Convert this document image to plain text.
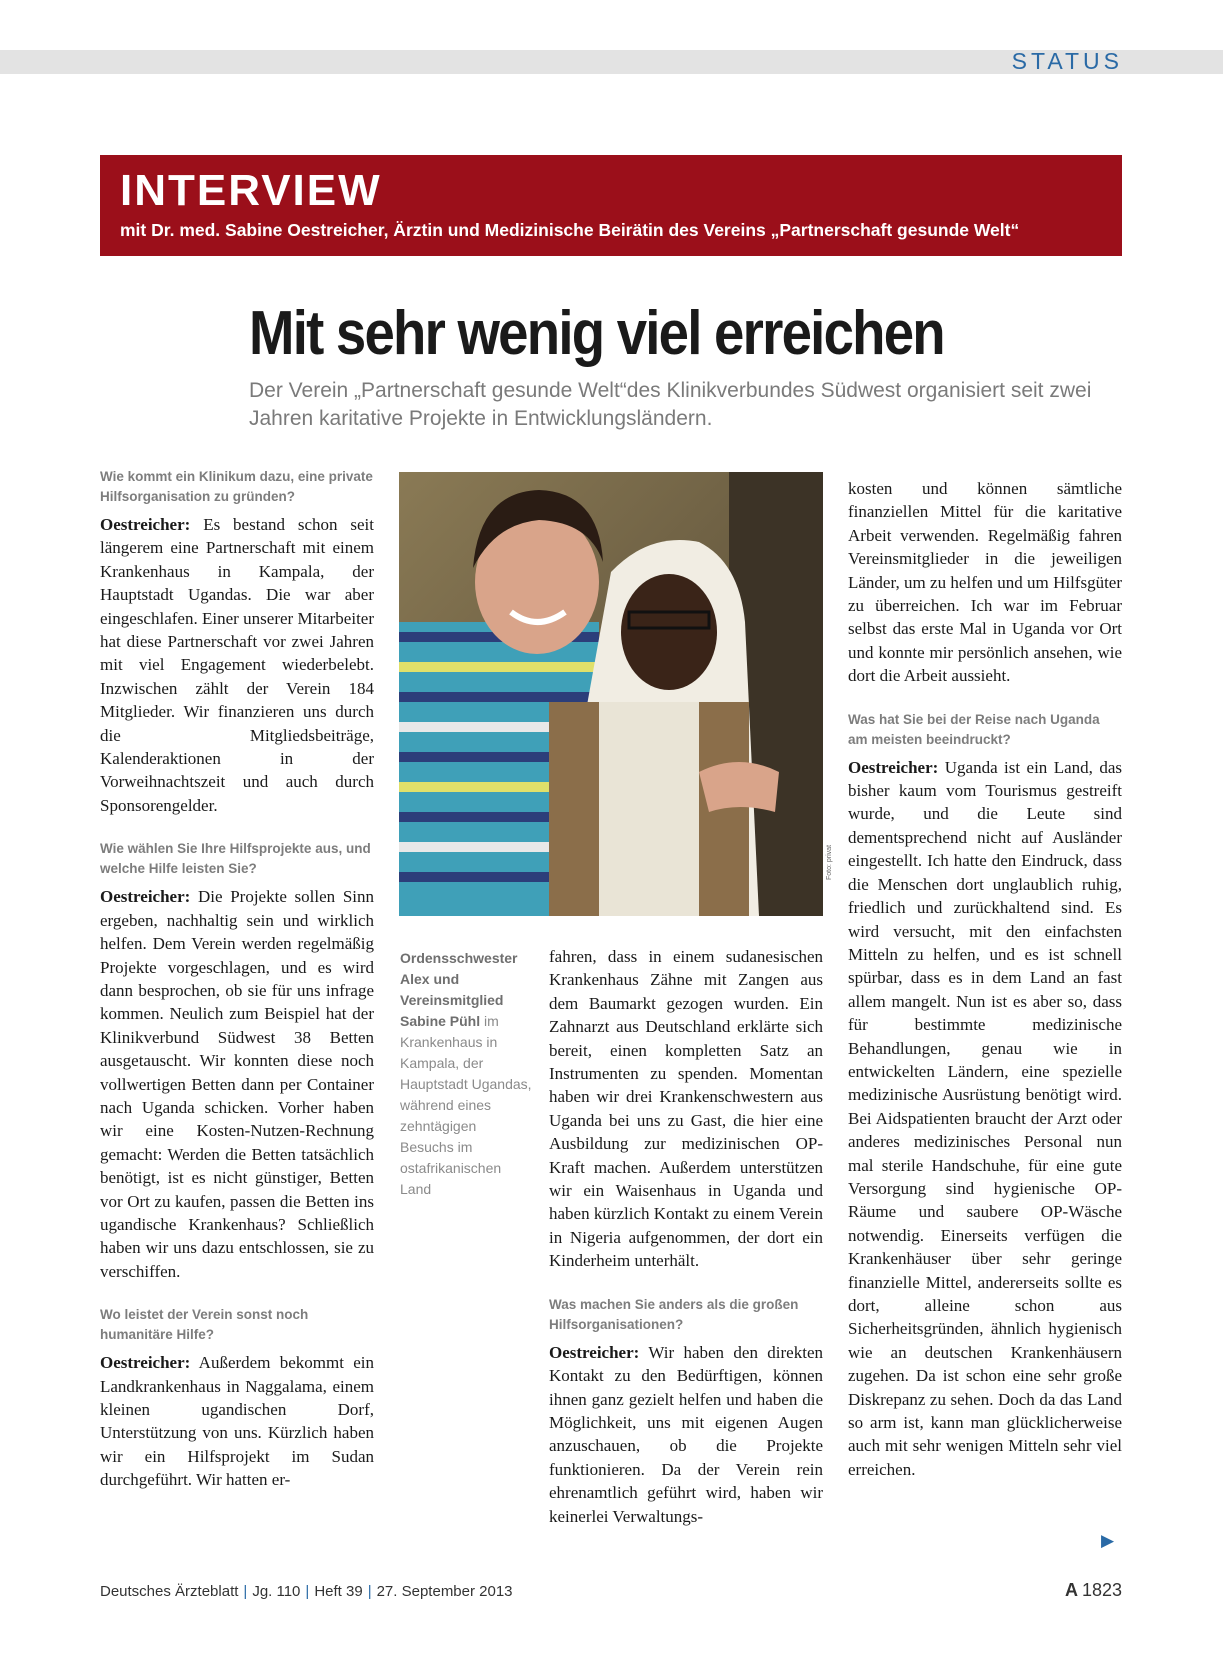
STATUS
INTERVIEW
mit Dr. med. Sabine Oestreicher, Ärztin und Medizinische Beirätin des Vereins „Partnerschaft gesunde Welt“
Mit sehr wenig viel erreichen
Der Verein „Partnerschaft gesunde Welt“des Klinikverbundes Südwest organisiert seit zwei Jahren karitative Projekte in Entwicklungsländern.
Wie kommt ein Klinikum dazu, eine private Hilfsorganisation zu gründen?

Oestreicher: Es bestand schon seit längerem eine Partnerschaft mit einem Krankenhaus in Kampala, der Hauptstadt Ugandas. Die war aber eingeschlafen. Einer unserer Mitarbeiter hat diese Partnerschaft vor zwei Jahren mit viel Engagement wiederbelebt. Inzwischen zählt der Verein 184 Mitglieder. Wir finanzieren uns durch die Mitgliedsbeiträge, Kalenderaktionen in der Vorweihnachtszeit und auch durch Sponsorengelder.

Wie wählen Sie Ihre Hilfsprojekte aus, und welche Hilfe leisten Sie?

Oestreicher: Die Projekte sollen Sinn ergeben, nachhaltig sein und wirklich helfen. Dem Verein werden regelmäßig Projekte vorgeschlagen, und es wird dann besprochen, ob sie für uns infrage kommen. Neulich zum Beispiel hat der Klinikverbund Südwest 38 Betten ausgetauscht. Wir konnten diese noch vollwertigen Betten dann per Container nach Uganda schicken. Vorher haben wir eine Kosten-Nutzen-Rechnung gemacht: Werden die Betten tatsächlich benötigt, ist es nicht günstiger, Betten vor Ort zu kaufen, passen die Betten ins ugandische Krankenhaus? Schließlich haben wir uns dazu entschlossen, sie zu verschiffen.

Wo leistet der Verein sonst noch humanitäre Hilfe?

Oestreicher: Außerdem bekommt ein Landkrankenhaus in Naggalama, einem kleinen ugandischen Dorf, Unterstützung von uns. Kürzlich haben wir ein Hilfsprojekt im Sudan durchgeführt. Wir hatten er-

Foto: privat
Ordensschwester Alex und Vereinsmitglied Sabine Pühl im Krankenhaus in Kampala, der Hauptstadt Ugandas, während eines zehntägigen Besuchs im ostafrikanischen Land

fahren, dass in einem sudanesischen Krankenhaus Zähne mit Zangen aus dem Baumarkt gezogen wurden. Ein Zahnarzt aus Deutschland erklärte sich bereit, einen kompletten Satz an Instrumenten zu spenden. Momentan haben wir drei Krankenschwestern aus Uganda bei uns zu Gast, die hier eine Ausbildung zur medizinischen OP-Kraft machen. Außerdem unterstützen wir ein Waisenhaus in Uganda und haben kürzlich Kontakt zu einem Verein in Nigeria aufgenommen, der dort ein Kinderheim unterhält.

Was machen Sie anders als die großen Hilfsorganisationen?

Oestreicher: Wir haben den direkten Kontakt zu den Bedürftigen, können ihnen ganz gezielt helfen und haben die Möglichkeit, uns mit eigenen Augen anzuschauen, ob die Projekte funktionieren. Da der Verein rein ehrenamtlich geführt wird, haben wir keinerlei Verwaltungs-

kosten und können sämtliche finanziellen Mittel für die karitative Arbeit verwenden. Regelmäßig fahren Vereinsmitglieder in die jeweiligen Länder, um zu helfen und um Hilfsgüter zu überreichen. Ich war im Februar selbst das erste Mal in Uganda vor Ort und konnte mir persönlich ansehen, wie dort die Arbeit aussieht.

Was hat Sie bei der Reise nach Uganda am meisten beeindruckt?

Oestreicher: Uganda ist ein Land, das bisher kaum vom Tourismus gestreift wurde, und die Leute sind dementsprechend nicht auf Ausländer eingestellt. Ich hatte den Eindruck, dass die Menschen dort unglaublich ruhig, friedlich und zurückhaltend sind. Es wird versucht, mit den einfachsten Mitteln zu helfen, und es ist schnell spürbar, dass es in dem Land an fast allem mangelt. Nun ist es aber so, dass für bestimmte medizinische Behandlungen, genau wie in entwickelten Ländern, eine spezielle medizinische Ausrüstung benötigt wird. Bei Aidspatienten braucht der Arzt oder anderes medizinisches Personal nun mal sterile Handschuhe, für eine gute Versorgung sind hygienische OP-Räume und saubere OP-Wäsche notwendig. Einerseits verfügen die Krankenhäuser über sehr geringe finanzielle Mittel, andererseits sollte es dort, alleine schon aus Sicherheitsgründen, ähnlich hygienisch wie an deutschen Krankenhäusern zugehen. Da ist schon eine sehr große Diskrepanz zu sehen. Doch da das Land so arm ist, kann man glücklicherweise auch mit sehr wenigen Mitteln sehr viel erreichen.

▶
Deutsches Ärzteblatt | Jg. 110 | Heft 39 | 27. September 2013	A 1823
